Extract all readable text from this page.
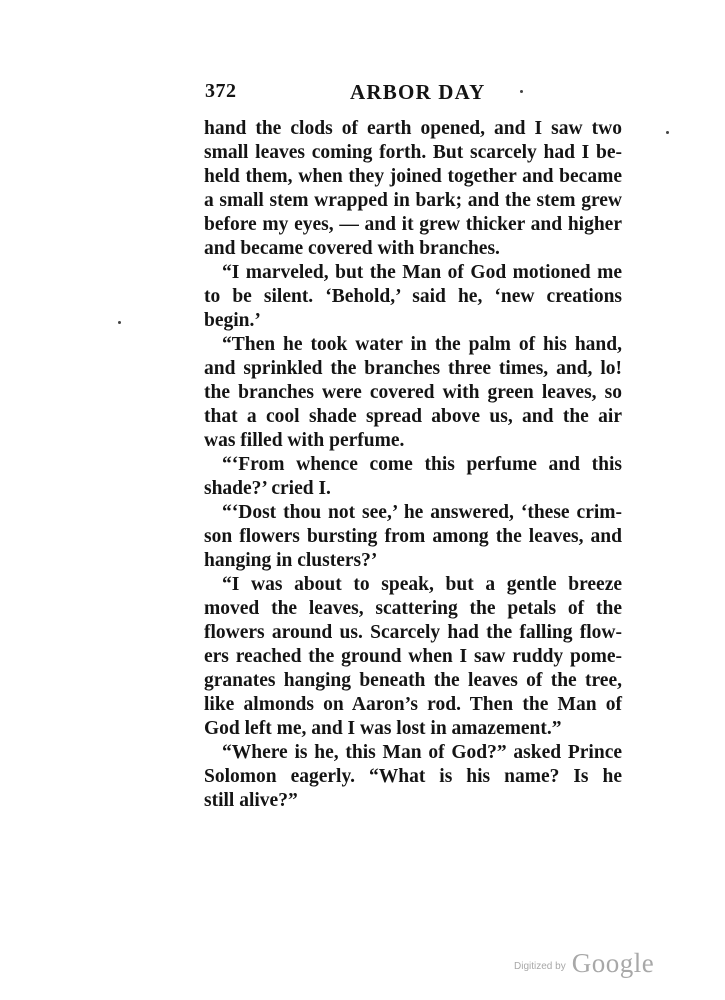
372	ARBOR DAY
hand the clods of earth opened, and I saw two
small leaves coming forth. But scarcely had I be-
held them, when they joined together and became
a small stem wrapped in bark; and the stem grew
before my eyes, — and it grew thicker and higher
and became covered with branches.
“I marveled, but the Man of God motioned me
to be silent. ‘Behold,’ said he, ‘new creations
begin.’
“Then he took water in the palm of his hand,
and sprinkled the branches three times, and, lo!
the branches were covered with green leaves, so
that a cool shade spread above us, and the air
was filled with perfume.
“‘From whence come this perfume and this
shade?’ cried I.
“‘Dost thou not see,’ he answered, ‘these crim-
son flowers bursting from among the leaves, and
hanging in clusters?’
“I was about to speak, but a gentle breeze
moved the leaves, scattering the petals of the
flowers around us. Scarcely had the falling flow-
ers reached the ground when I saw ruddy pome-
granates hanging beneath the leaves of the tree,
like almonds on Aaron’s rod. Then the Man of
God left me, and I was lost in amazement.”
“Where is he, this Man of God?” asked Prince
Solomon eagerly. “What is his name? Is he
still alive?”
Digitized by Google
